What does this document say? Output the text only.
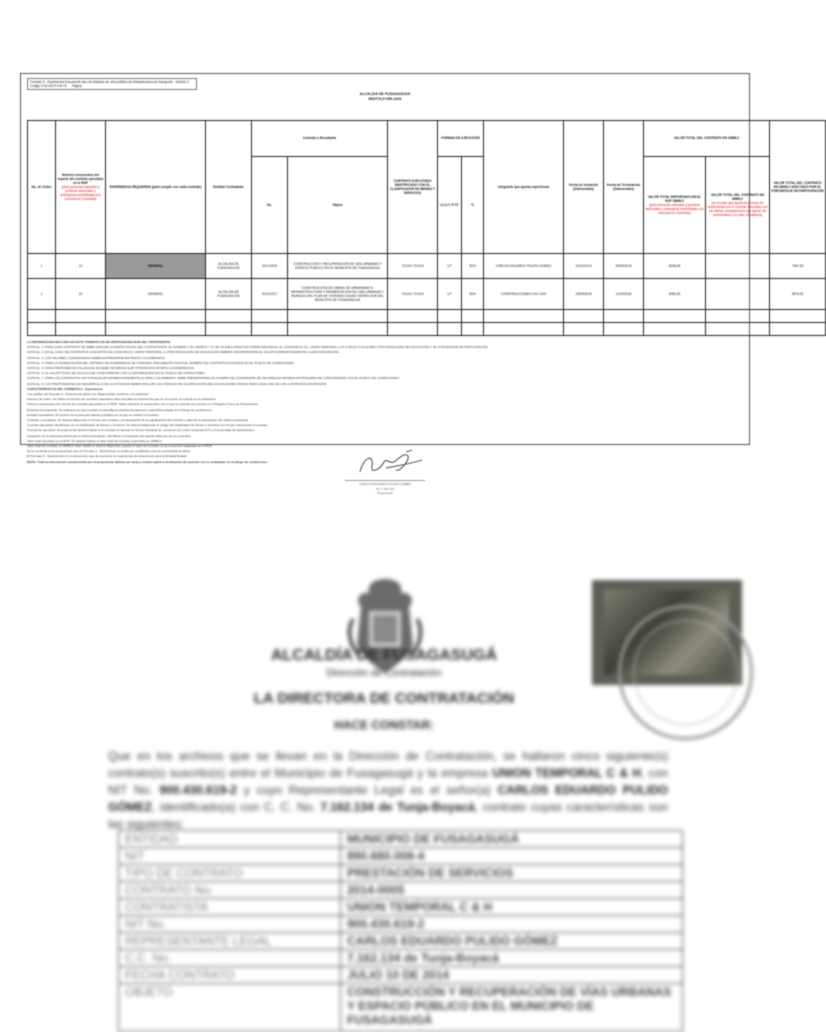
Formato 3 - Experiencia Documento tipo de licitación de obra pública de infraestructura de transporte - Versión 2
Código CCE-EICP-FM-73 Página
ALCALDIA DE FUSAGASUGÁ
RESTVLP-050-2020
No. de Orden	Número consecutivo del reporte del contrato ejecutado en el RUP
(para personas naturales y jurídicas nacionales y extranjeras domiciliadas con sucursal en Colombia)	EXPERIENCIA REQUERIDA (para cumplir con cada contrato)	Entidad Contratante	Contrato o Resultante		CONTRATO EJECUTADO IDENTIFICADO CON EL CLASIFICADOR DE BIENES Y SERVICIOS	FORMAS DE EJECUCIÓN		Integrante que aporta experiencia	Fecha de Iniciación (Dia/mes/año)	Fecha de Terminación (Dia/mes/año)	VALOR TOTAL DEL CONTRATO EN SMMLV		VALOR TOTAL DEL CONTRATO EN SMMLV AFECTADO POR EL PORCENTAJE DE PARTICIPACIÓN
				No.	Objeto		I.C.U.T. P.T.F.	%				VALOR TOTAL REPORTADO EN EL RUP SMMLV
(para personas naturales y jurídicas nacionales y extranjeras domiciliadas con sucursal en Colombia)	VALOR TOTAL DEL CONTRATO EN SMMLV
(es el valor que aporta al proceso de conformidad con el contrato ejecutado con las demás contrataciones que aportó de conformidad y su valor en salarios)	

1	14	GENERAL	ALCALDIA DE FUSAGASUGÁ	2014-0005	CONSTRUCCION Y RECUPERACION DE VIAS URBANAS Y ESPACIO PUBLICO EN EL MUNICIPIO DE FUSAGASUGA	721410 721419	UT	90%	CARLOS EDUARDO PULIDO GOMEZ	10/10/2014	30/09/2015	8208,48		7387,63
2	15	GENERAL	ALCALDIA DE FUSAGASUGÁ	2015-0017	CONSTRUCCION DE OBRAS DE URBANISMO E INFRAESTRUCTURA Y PAVIMENTACION DE VIAS URBANAS Y RURALES DEL PLAN DE VIVIENDA CIUDAD SIERRA SUR DEL MUNICIPIO DE FUSAGASUGA	721410 721419	UT	90%	CONSTRUCCIONES CAG SAS	15/09/2015	11/03/2016	4085,00		3676,50

LA INFORMACIÓN INCLUIDA EN ESTE FORMATO ES DE RESPONSABILIDAD DEL PROPONENTE.
NOTA No. 1: PARA CADA CONTRATO SE DEBE INDICAR LA RAZÓN SOCIAL DEL CONTRATANTE, EL NÚMERO Y EL OBJETO Y SI SE HA EJECUTADO EN FORMA INDIVIDUAL (I), CONSORCIO (C), UNIÓN TEMPORAL (UT) O BAJO CUALQUIER OTRA MODALIDAD DE ASOCIACIÓN Y EL PORCENTAJE DE PARTICIPACIÓN.
NOTA No. 2: EN EL CASO DE CONTRATOS SUSCRITOS EN CONSORCIO, UNIÓN TEMPORAL U OTRA MODALIDAD DE ASOCIACIÓN DEBERÁ DISCRIMINARSE EL VALOR CORRESPONDIENTE A CADA INTEGRANTE.
NOTA No. 3: LOS VALORES CONSIGNADOS DEBEN EXPRESARSE EN PESOS COLOMBIANOS.
NOTA No. 4: PARA LA ACREDITACIÓN DEL CRITERIO DE EXPERIENCIA SE TOMARÁN ÚNICAMENTE HASTA EL NÚMERO DE CONTRATOS EXIGIDOS EN EL PLIEGO DE CONDICIONES.
NOTA No. 5: PARA PROPONENTES PLURALES SE DEBE INFORMAR QUÉ INTEGRANTE APORTA LA EXPERIENCIA.
NOTA No. 6: EL VALOR TOTAL SE CALCULA DE CONFORMIDAD CON LO ESTABLECIDO EN EL PLIEGO DE CONDICIONES.
NOTA No. 7: PARA LOS CONTRATOS FACTURADOS EN MONEDA DIFERENTE AL PESO COLOMBIANO, DEBE PRESENTARSE UN CUADRO DE CONVERSIÓN DE VALORES EN MONEDA EXTRANJERA DE CONFORMIDAD CON EL PLIEGO DE CONDICIONES.
NOTA No. 8: LOS PROPONENTES EN DESARROLLO DE LA ACTIVIDAD DEBEN INCLUIR LOS CÓDIGOS DE CLASIFICACIÓN DE LAS NACIONES UNIDAS PARA CADA UNO DE LOS CONTRATOS APORTADOS.
CARACTERÍSTICAS DEL FORMATO 3 - Experiencia
Las casillas del Formato 3 - Experiencia deben ser diligenciadas conforme a lo siguiente:
Número de orden: Se refiere al número de contratos aportados para acreditar la experiencia que se va a tener en cuenta en la evaluación.
Número consecutivo del reporte del contrato ejecutado en el RUP: Debe indicarse el consecutivo con el que el contrato fue inscrito en el Registro Único de Proponentes.
Experiencia requerida: Se indicará con qué contrato se acredita la experiencia general o específica exigida en el pliego de condiciones.
Entidad contratante: El nombre de la persona natural o jurídica con la que se celebró el contrato.
Contrato o resultante: Se deberá diligenciar el número del contrato o la descripción de la adjudicación del contrato y además la descripción del objeto contractual.
Contrato ejecutado identificado con el clasificador de bienes y servicios: Se deberá diligenciar el código del clasificador de bienes y servicios con el que está inscrito el contrato.
Formas de ejecución: El proponente deberá indicar si el contrato se ejecutó en forma individual (I), consorcio (C), unión temporal (UT) y el porcentaje de participación.
Integrante de la estructura plural que lo está presentando: Identificar el integrante que aporta cada uno de los contratos.
Valor total reportado en el RUP: Se deberá indicar el valor total del contrato expresado en SMMLV.
Valor total del contrato en SMMLV: Este casilla se deberá diligenciar cuando el valor del contrato no se encuentre registrado en el RUP.
Se le recuerda a los proponentes que el Formato 3 - Experiencia no podrá ser modificado una vez presentada la oferta.
El Formato 3 - Experiencia es un documento que da cuenta de la experiencia del proponente para la Entidad Estatal.
NOTA: Toda la información suministrada por el proponente deberá ser veraz y estará sujeta a verificación de acuerdo con lo estipulado en el pliego de condiciones.
CARLOS EDUARDO PULIDO GOMEZ
CC 7.162.134
Proponente
ALCALDÍA DE FUSAGASUGÁ
Dirección de Contratación
LA DIRECTORA DE CONTRATACIÓN
HACE CONSTAR:
Que en los archivos que se llevan en la Dirección de Contratación, se hallaron cinco siguiente(s) contrato(s) suscrito(s) entre el Municipio de Fusagasugá y la empresa UNION TEMPORAL C & H, con NIT No. 900.430.619-2 y cuyo Representante Legal es el señor(a) CARLOS EDUARDO PULIDO GÓMEZ, identificado(a) con C. C. No. 7.162.134 de Tunja-Boyacá, contrato cuyas características son las siguientes:
ENTIDAD	MUNICIPIO DE FUSAGASUGÁ
NIT	890.680.008-4
TIPO DE CONTRATO	PRESTACIÓN DE SERVICIOS
CONTRATO No.	2014-0005
CONTRATISTA	UNION TEMPORAL C & H
NIT No.	900.430.619-2
REPRESENTANTE LEGAL	CARLOS EDUARDO PULIDO GÓMEZ
C.C. No.	7.162.134 de Tunja-Boyacá
FECHA CONTRATO	JULIO 10 DE 2014
OBJETO	CONSTRUCCIÓN Y RECUPERACIÓN DE VÍAS URBANAS Y ESPACIO PÚBLICO EN EL MUNICIPIO DE FUSAGASUGÁ
